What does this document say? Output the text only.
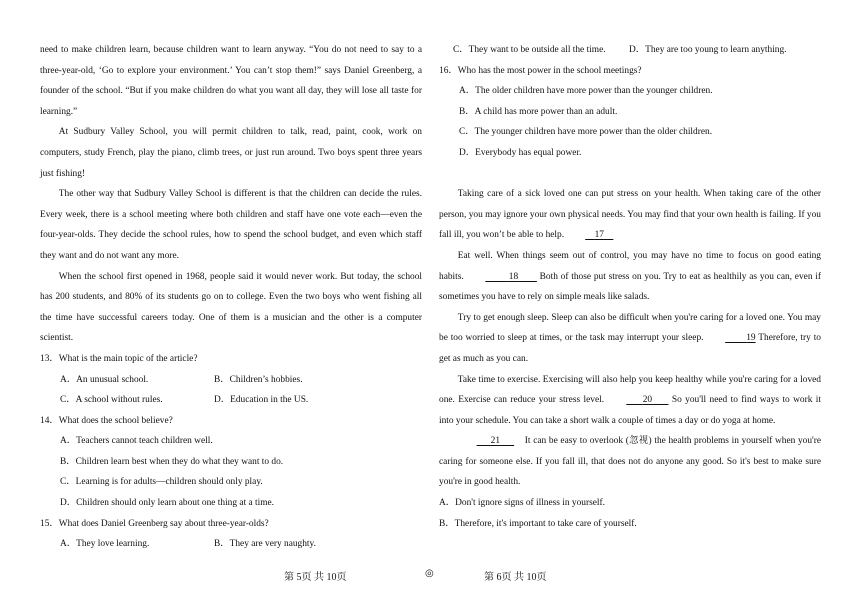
need to make children learn, because children want to learn anyway. “You do not need to say to a three-year-old, ‘Go to explore your environment.’ You can’t stop them!” says Daniel Greenberg, a founder of the school. “But if you make children do what you want all day, they will lose all taste for learning.”

At Sudbury Valley School, you will permit children to talk, read, paint, cook, work on computers, study French, play the piano, climb trees, or just run around. Two boys spent three years just fishing!

The other way that Sudbury Valley School is different is that the children can decide the rules. Every week, there is a school meeting where both children and staff have one vote each—even the four-year-olds. They decide the school rules, how to spend the school budget, and even which staff they want and do not want any more.

When the school first opened in 1968, people said it would never work. But today, the school has 200 students, and 80% of its students go on to college. Even the two boys who went fishing all the time have successful careers today. One of them is a musician and the other is a computer scientist.

13．What is the main topic of the article?

A．An unusual school.	B．Children’s hobbies.
C．A school without rules.	D．Education in the US.

14．What does the school believe?

A．Teachers cannot teach children well.

B．Children learn best when they do what they want to do.

C．Learning is for adults—children should only play.

D．Children should only learn about one thing at a time.

15．What does Daniel Greenberg say about three-year-olds?

A．They love learning.	B．They are very naughty.
C．They want to be outside all the time.	D．They are too young to learn anything.

16．Who has the most power in the school meetings?

A．The older children have more power than the younger children.

B．A child has more power than an adult.

C．The younger children have more power than the older children.

D．Everybody has equal power.

Taking care of a sick loved one can put stress on your health. When taking care of the other person, you may ignore your own physical needs. You may find that your own health is failing. If you fall ill, you won’t be able to help.	17

Eat well. When things seem out of control, you may have no time to focus on good eating habits.	18 Both of those put stress on you. Try to eat as healthily as you can, even if sometimes you have to rely on simple meals like salads.

Try to get enough sleep. Sleep can also be difficult when you're caring for a loved one. You may be too worried to sleep at times, or the task may interrupt your sleep.	19 Therefore, try to get as much as you can.

Take time to exercise. Exercising will also help you keep healthy while you're caring for a loved one. Exercise can reduce your stress level.	20 So you'll need to find ways to work it into your schedule. You can take a short walk a couple of times a day or do yoga at home.

21	It can be easy to overlook (忽视) the health problems in yourself when you're caring for someone else. If you fall ill, that does not do anyone any good. So it's best to make sure you're in good health.

A．Don't ignore signs of illness in yourself.

B．Therefore, it's important to take care of yourself.

第 5页 共 10页	◎	第 6页 共 10页
